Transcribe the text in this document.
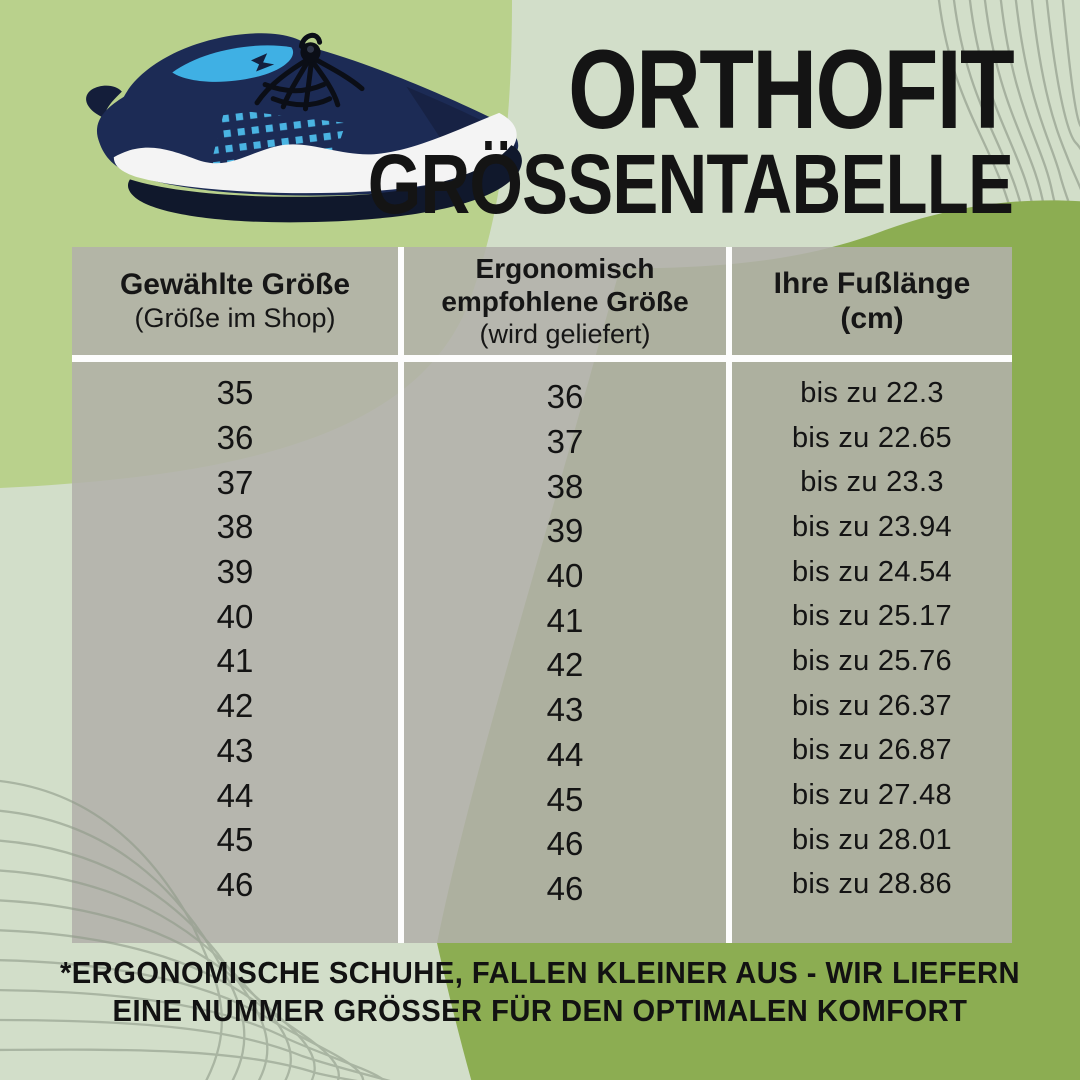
ORTHOFIT
GRÖSSENTABELLE
Gewählte Größe
(Größe im Shop)
Ergonomisch
empfohlene Größe
(wird geliefert)
Ihre Fußlänge
(cm)
35
36
37
38
39
40
41
42
43
44
45
46
36
37
38
39
40
41
42
43
44
45
46
46
bis zu 22.3
bis zu 22.65
bis zu 23.3
bis zu 23.94
bis zu 24.54
bis zu 25.17
bis zu 25.76
bis zu 26.37
bis zu 26.87
bis zu 27.48
bis zu 28.01
bis zu 28.86
*ERGONOMISCHE SCHUHE, FALLEN KLEINER AUS - WIR LIEFERN
EINE NUMMER GRÖSSER FÜR DEN OPTIMALEN KOMFORT
